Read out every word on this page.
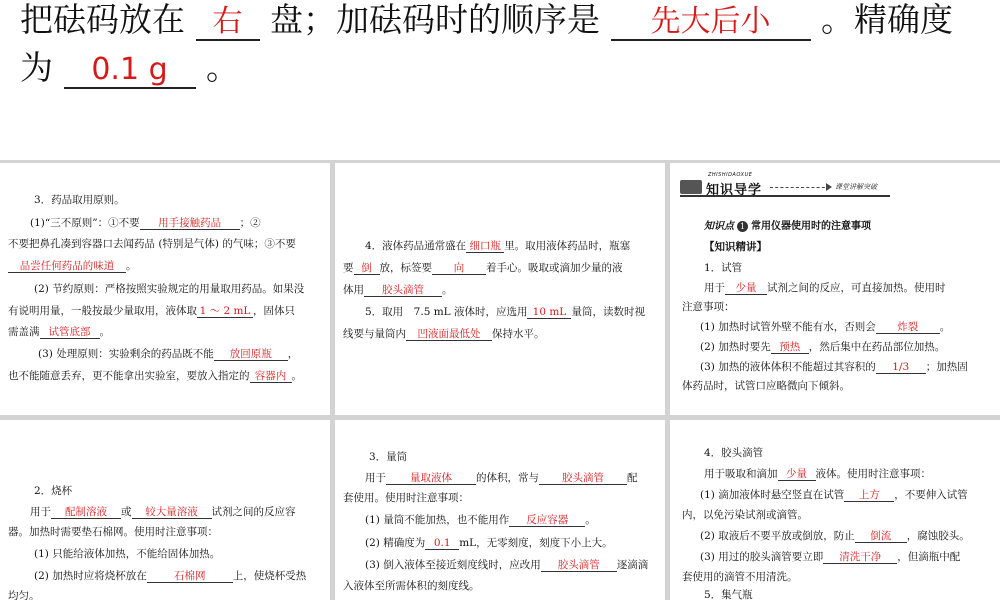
把砝码放在 右 盘；加砝码时的顺序是 先大后小 。精确度
为 0.1 g 。
3．药品取用原则。
(1)“三不原则”：①不要 用手接触药品 ；②
不要把鼻孔凑到容器口去闻药品 (特别是气体) 的气味；③不要
品尝任何药品的味道 。
(2) 节约原则：严格按照实验规定的用量取用药品。如果没
有说明用量，一般按最少量取用，液体取 1 ～ 2 mL ，固体只
需盖满 试管底部 。
(3) 处理原则：实验剩余的药品既不能 放回原瓶 ，
也不能随意丢弃，更不能拿出实验室，要放入指定的 容器内 。
4．液体药品通常盛在 细口瓶 里。取用液体药品时，瓶塞
要 倒 放，标签要 向 着手心。吸取或滴加少量的液
体用 胶头滴管 。
5．取用　7.5 mL 液体时，应选用 10 mL 量筒，读数时视
线要与量筒内 凹液面最低处 保持水平。
ZHISHIDAOXUE
知识导学	课堂讲解突破
知识点 1 常用仪器使用时的注意事项
【知识精讲】
1．试管
用于 少量 试剂之间的反应，可直接加热。使用时
注意事项：
(1) 加热时试管外壁不能有水，否则会 炸裂 。
(2) 加热时要先 预热 ，然后集中在药品部位加热。
(3) 加热的液体体积不能超过其容积的 1/3 ；加热固
体药品时，试管口应略微向下倾斜。
2．烧杯
用于 配制溶液 或 较大量溶液 试剂之间的反应容
器。加热时需要垫石棉网。使用时注意事项：
(1) 只能给液体加热，不能给固体加热。
(2) 加热时应将烧杯放在	石棉网	上，使烧杯受热
均匀。
3．量筒
用于 量取液体 的体积，常与 胶头滴管 配
套使用。使用时注意事项：
(1) 量筒不能加热，也不能用作 反应容器 。
(2) 精确度为 0.1 mL，无零刻度，刻度下小上大。
(3) 倒入液体至接近刻度线时，应改用 胶头滴管 逐滴滴
入液体至所需体积的刻度线。
4．胶头滴管
用于吸取和滴加 少量 液体。使用时注意事项：
(1) 滴加液体时悬空竖直在试管 上方 ，不要伸入试管
内，以免污染试剂或滴管。
(2) 取液后不要平放或倒放，防止 倒流 ，腐蚀胶头。
(3) 用过的胶头滴管要立即 清洗干净 ，但滴瓶中配
套使用的滴管不用清洗。
5．集气瓶
